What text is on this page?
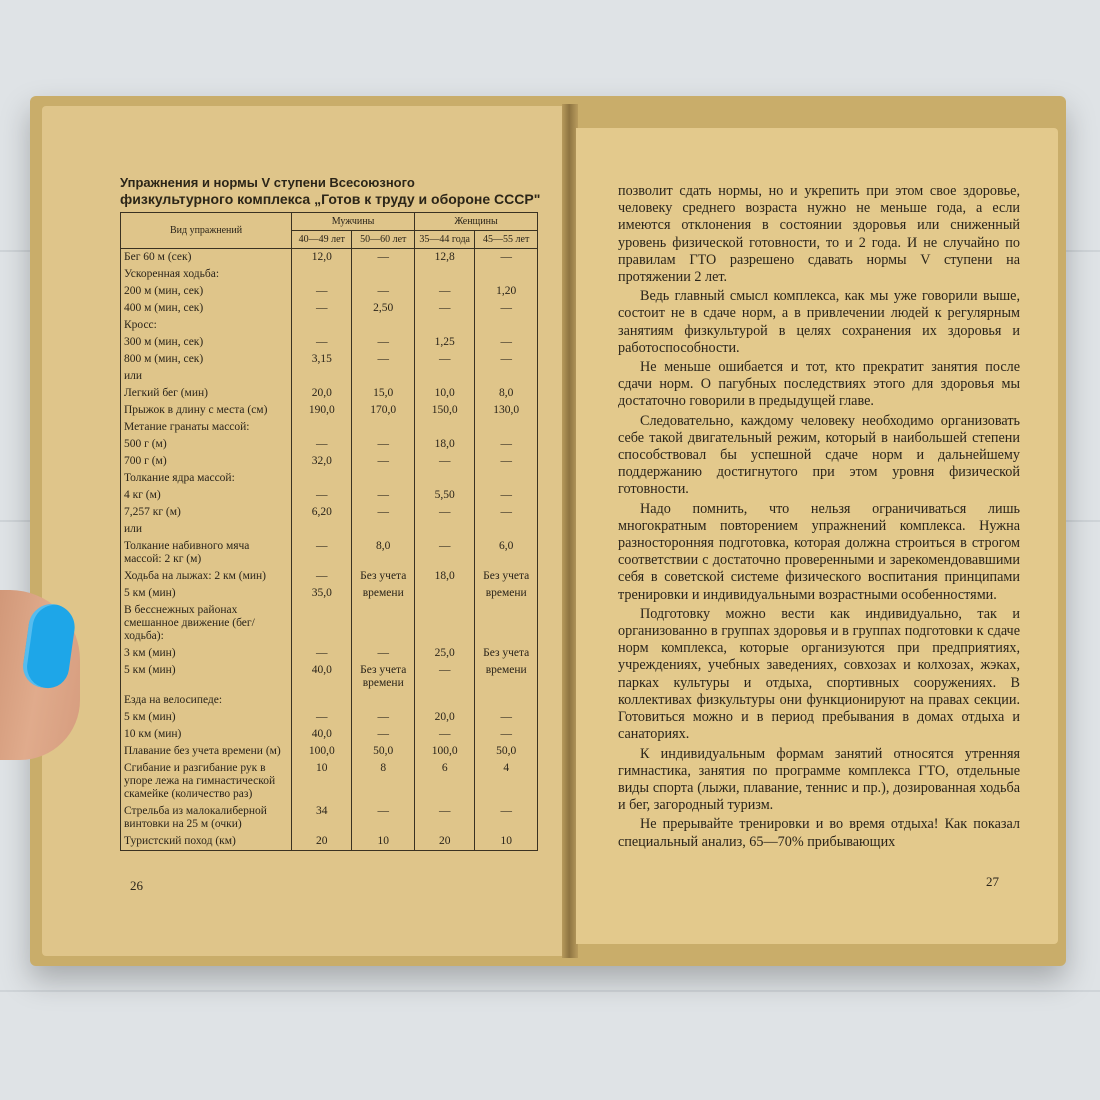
Упражнения и нормы V ступени Всесоюзного
физкультурного комплекса „Готов к труду и обороне СССР"
Вид упражнений	Мужчины		Женщины	
	40—49 лет	50—60 лет	35—44 года	45—55 лет
Бег 60 м (сек)	12,0	—	12,8	—
Ускоренная ходьба:				
200 м (мин, сек)	—	—	—	1,20
400 м (мин, сек)	—	2,50	—	—
Кросс:				
300 м (мин, сек)	—	—	1,25	—
800 м (мин, сек)	3,15	—	—	—
или				
Легкий бег (мин)	20,0	15,0	10,0	8,0
Прыжок в длину с места (см)	190,0	170,0	150,0	130,0
Метание гранаты массой:				
500 г (м)	—	—	18,0	—
700 г (м)	32,0	—	—	—
Толкание ядра массой:				
4 кг (м)	—	—	5,50	—
7,257 кг (м)	6,20	—	—	—
или				
Толкание набивного мяча массой: 2 кг (м)	—	8,0	—	6,0
Ходьба на лыжах: 2 км (мин)	—	Без учета	18,0	Без учета
5 км (мин)	35,0	времени		времени
В бесснежных районах смешанное движение (бег/ходьба):				
3 км (мин)	—	—	25,0	Без учета
5 км (мин)	40,0	Без учета времени	—	времени
Езда на велосипеде:				
5 км (мин)	—	—	20,0	—
10 км (мин)	40,0	—	—	—
Плавание без учета времени (м)	100,0	50,0	100,0	50,0
Сгибание и разгибание рук в упоре лежа на гимнастической скамейке (количество раз)	10	8	6	4
Стрельба из малокалиберной винтовки на 25 м (очки)	34	—	—	—
Туристский поход (км)	20	10	20	10
26

позволит сдать нормы, но и укрепить при этом свое здоровье, человеку среднего возраста нужно не меньше года, а если имеются отклонения в состоянии здоровья или сниженный уровень физической готовности, то и 2 года. И не случайно по правилам ГТО разрешено сдавать нормы V ступени на протяжении 2 лет.

Ведь главный смысл комплекса, как мы уже говорили выше, состоит не в сдаче норм, а в привлечении людей к регулярным занятиям физкультурой в целях сохранения их здоровья и работоспособности.

Не меньше ошибается и тот, кто прекратит занятия после сдачи норм. О пагубных последствиях этого для здоровья мы достаточно говорили в предыдущей главе.

Следовательно, каждому человеку необходимо организовать себе такой двигательный режим, который в наибольшей степени способствовал бы успешной сдаче норм и дальнейшему поддержанию достигнутого при этом уровня физической готовности.

Надо помнить, что нельзя ограничиваться лишь многократным повторением упражнений комплекса. Нужна разносторонняя подготовка, которая должна строиться в строгом соответствии с достаточно проверенными и зарекомендовавшими себя в советской системе физического воспитания принципами тренировки и индивидуальными возрастными особенностями.

Подготовку можно вести как индивидуально, так и организованно в группах здоровья и в группах подготовки к сдаче норм комплекса, которые организуются при предприятиях, учреждениях, учебных заведениях, совхозах и колхозах, жэках, парках культуры и отдыха, спортивных сооружениях. В коллективах физкультуры они функционируют на правах секции. Готовиться можно и в период пребывания в домах отдыха и санаториях.

К индивидуальным формам занятий относятся утренняя гимнастика, занятия по программе комплекса ГТО, отдельные виды спорта (лыжи, плавание, теннис и пр.), дозированная ходьба и бег, загородный туризм.

Не прерывайте тренировки и во время отдыха! Как показал специальный анализ, 65—70% прибывающих

27
